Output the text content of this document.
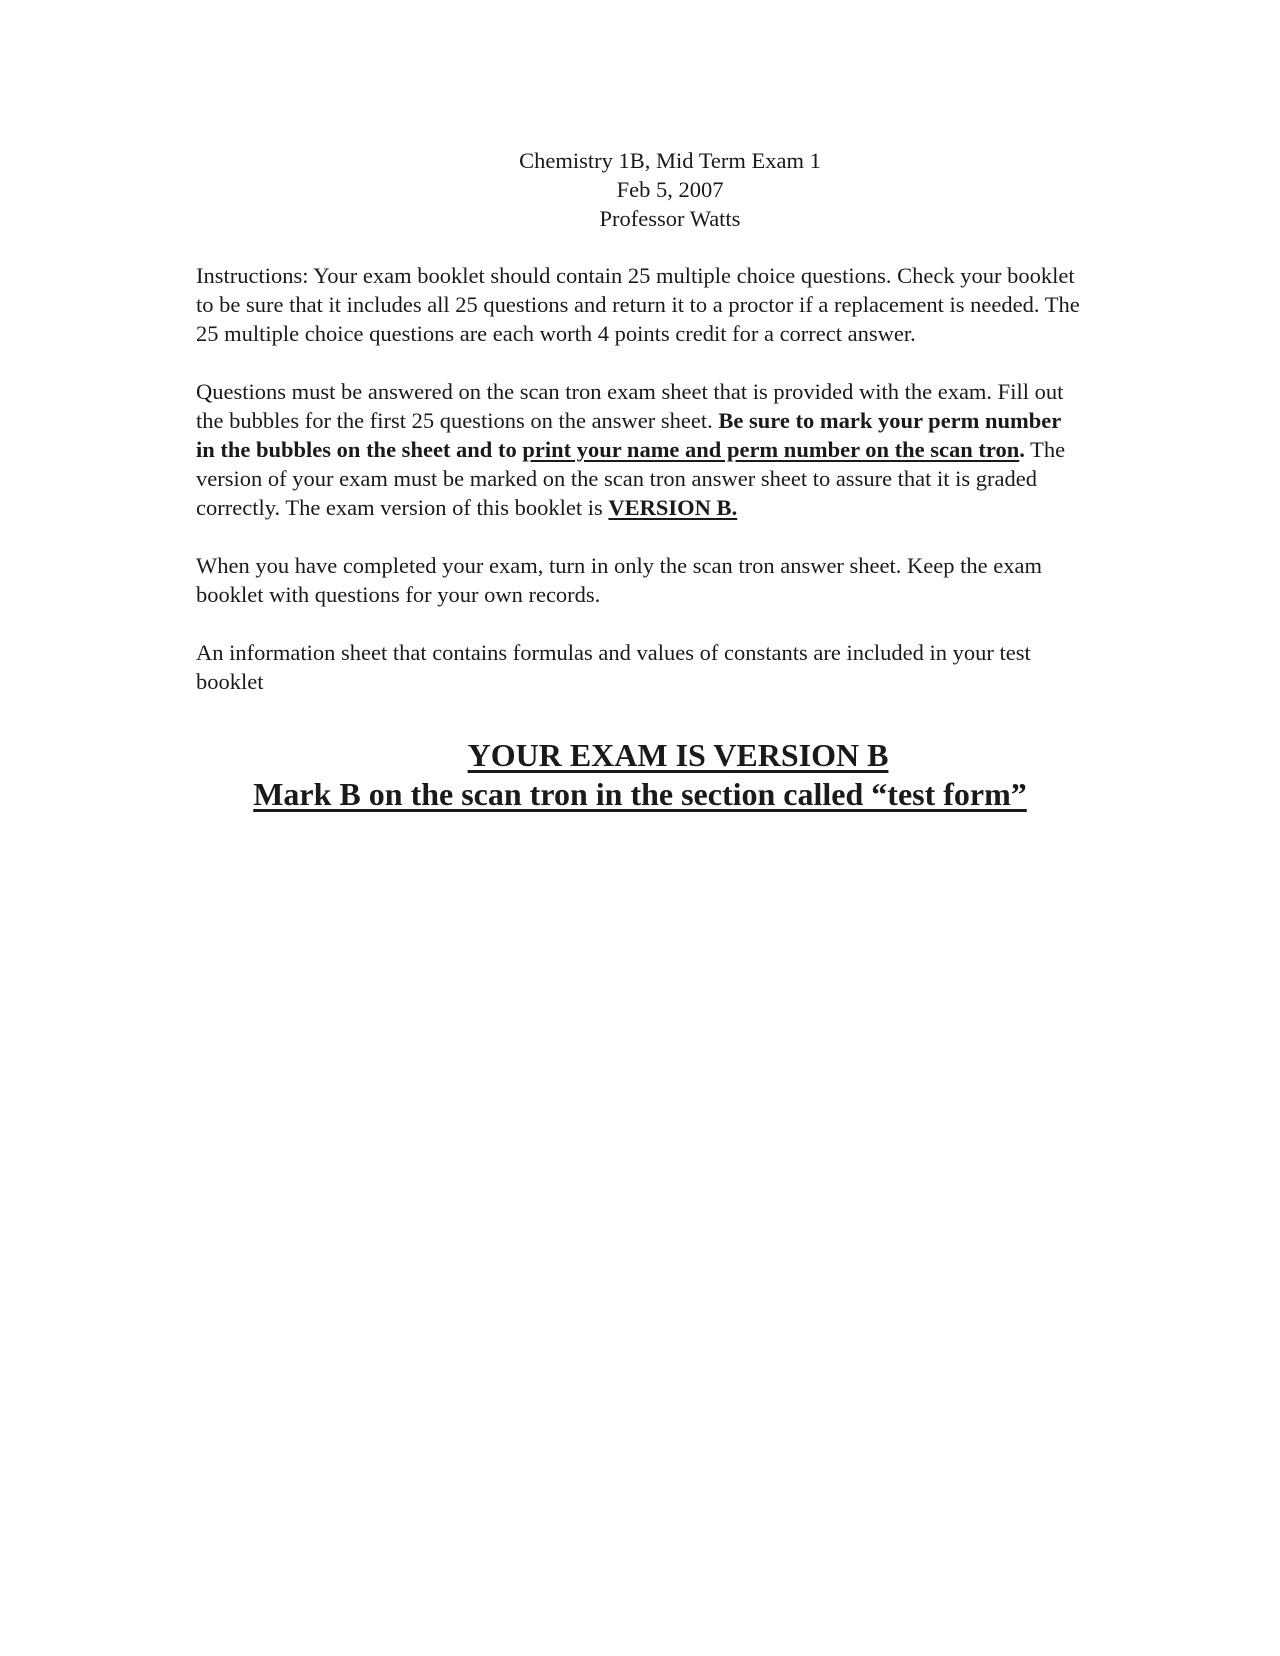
Chemistry 1B, Mid Term Exam 1
Feb 5, 2007
Professor Watts

Instructions: Your exam booklet should contain 25 multiple choice questions. Check your booklet to be sure that it includes all 25 questions and return it to a proctor if a replacement is needed. The 25 multiple choice questions are each worth 4 points credit for a correct answer.

Questions must be answered on the scan tron exam sheet that is provided with the exam. Fill out the bubbles for the first 25 questions on the answer sheet. Be sure to mark your perm number in the bubbles on the sheet and to print your name and perm number on the scan tron. The version of your exam must be marked on the scan tron answer sheet to assure that it is graded correctly. The exam version of this booklet is VERSION B.

When you have completed your exam, turn in only the scan tron answer sheet. Keep the exam booklet with questions for your own records.

An information sheet that contains formulas and values of constants are included in your test booklet

YOUR EXAM IS VERSION B
Mark B on the scan tron in the section called “test form”
